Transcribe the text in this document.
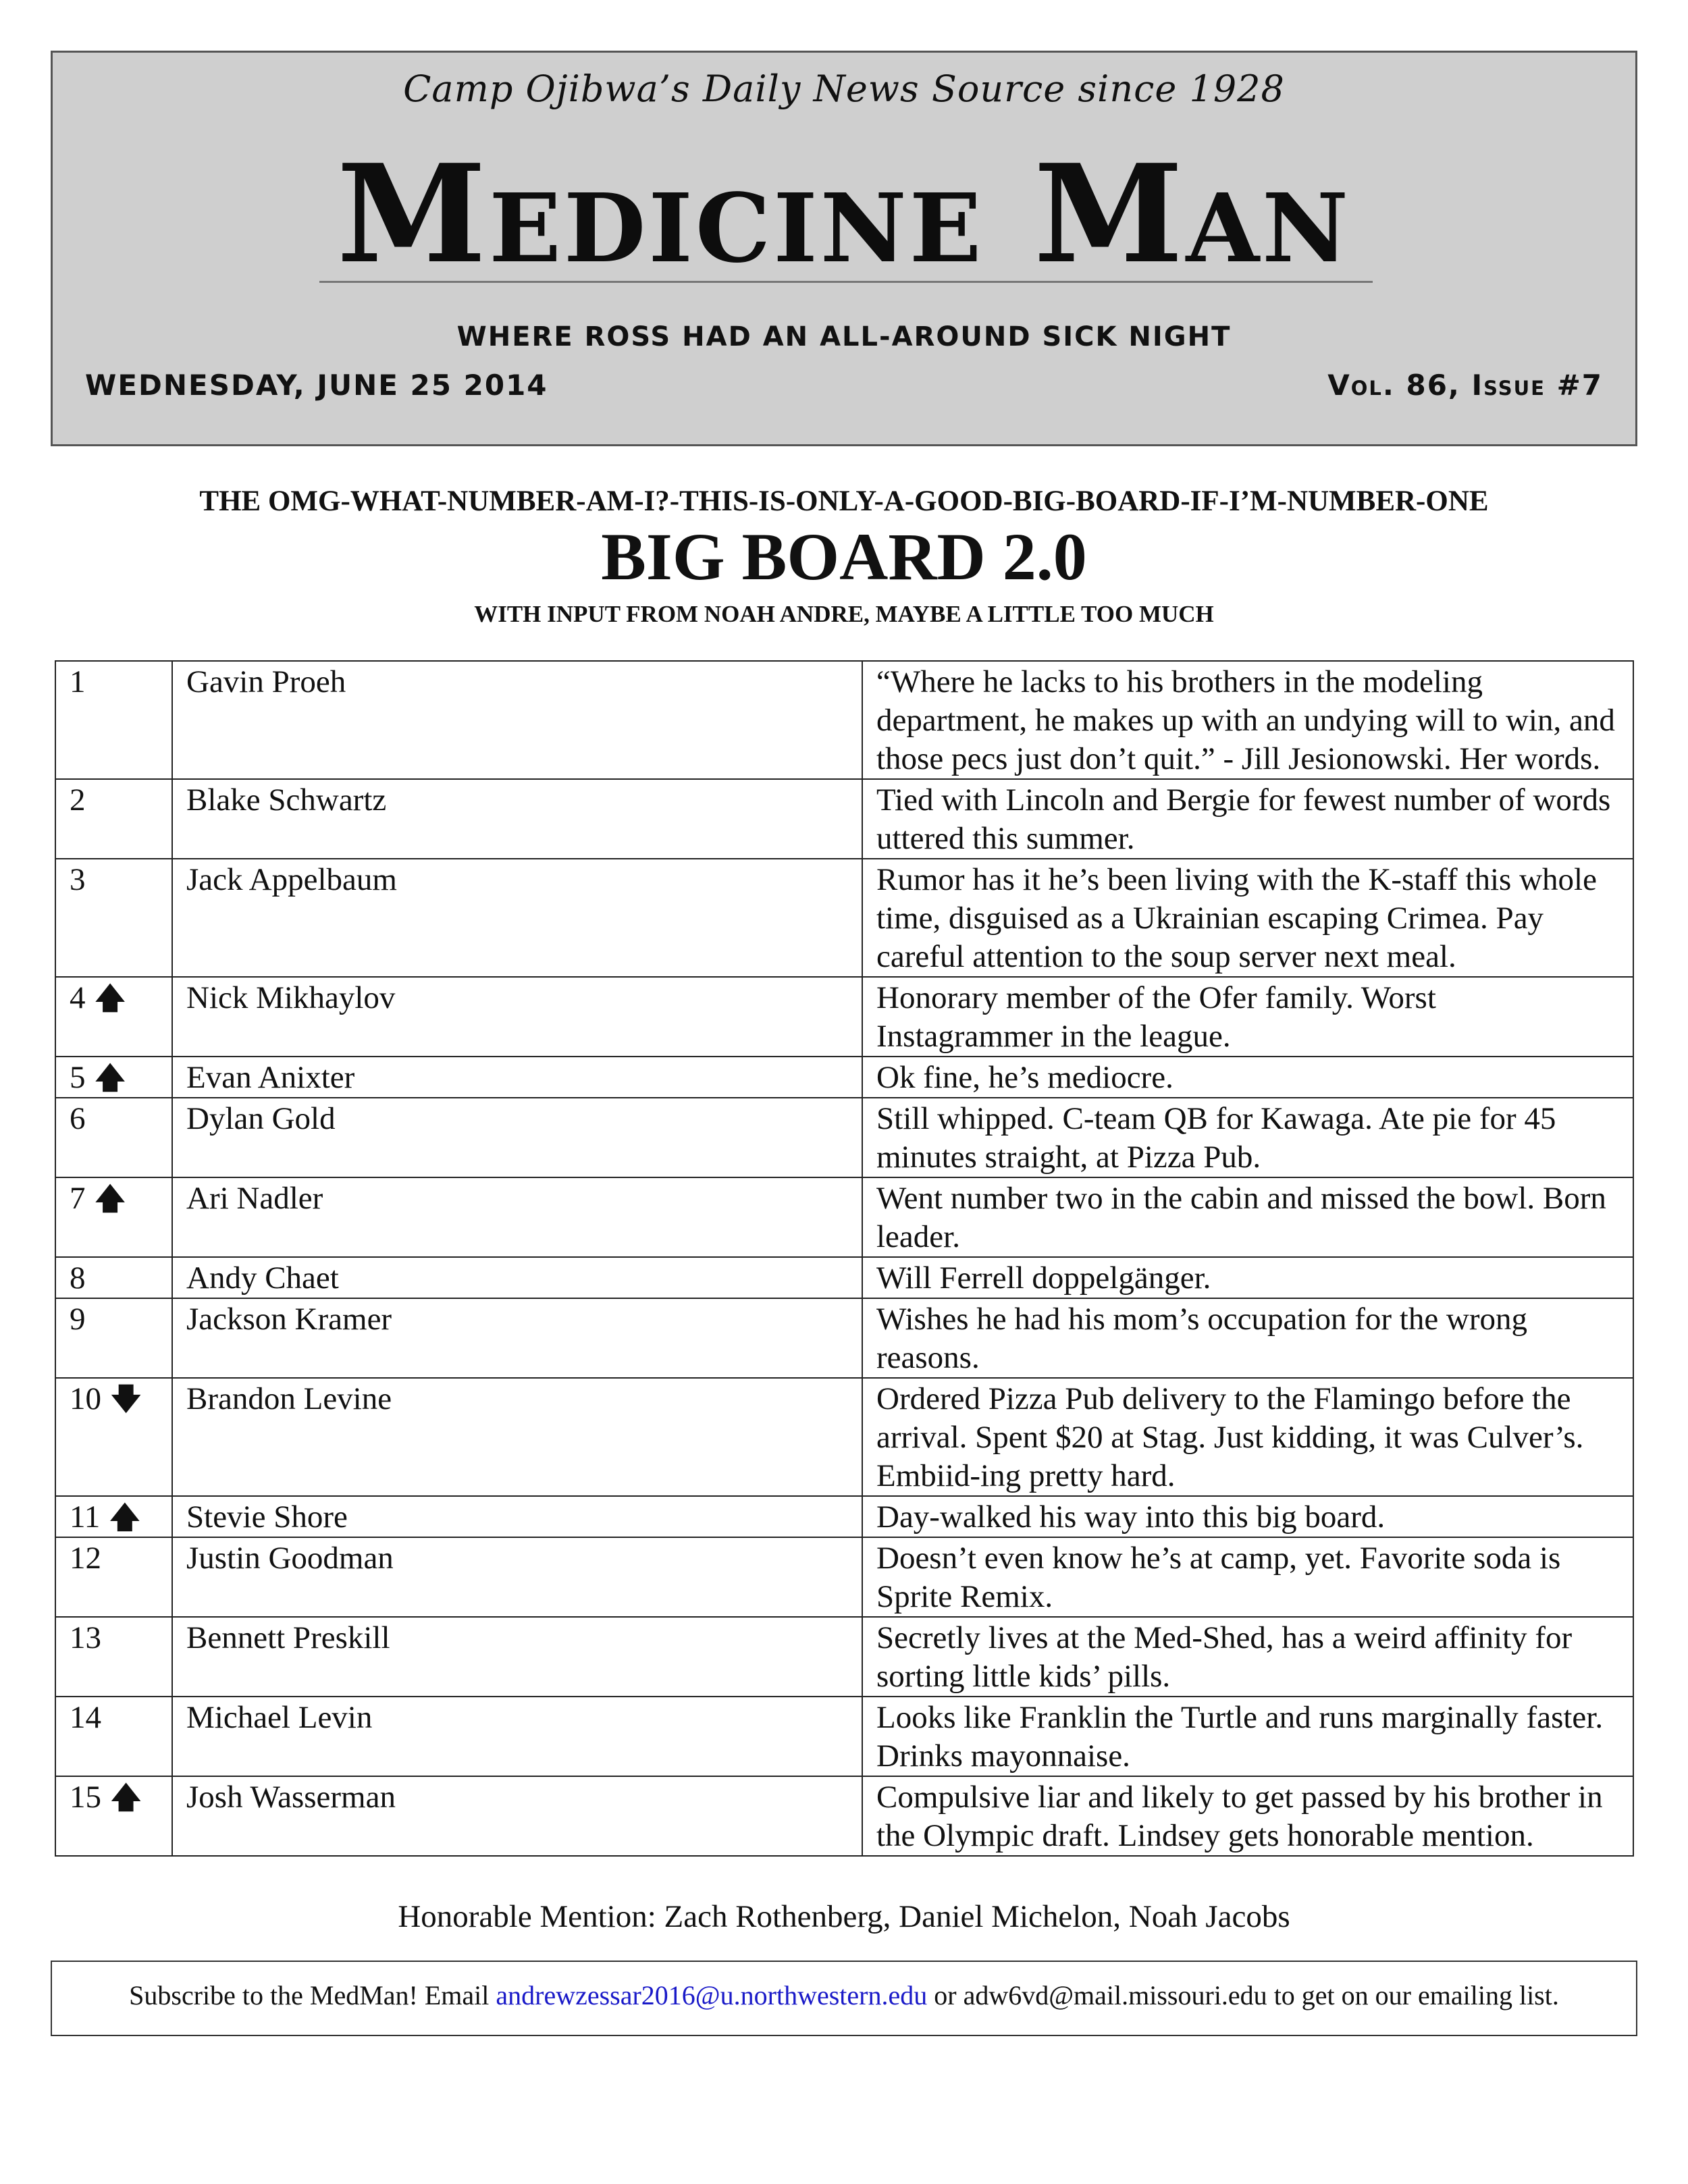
Camp Ojibwa’s Daily News Source since 1928
Medicine Man
WHERE ROSS HAD AN ALL-AROUND SICK NIGHT
WEDNESDAY, JUNE 25 2014	Vol. 86, Issue #7
THE OMG-WHAT-NUMBER-AM-I?-THIS-IS-ONLY-A-GOOD-BIG-BOARD-IF-I’M-NUMBER-ONE
BIG BOARD 2.0
WITH INPUT FROM NOAH ANDRE, MAYBE A LITTLE TOO MUCH
1	Gavin Proeh	“Where he lacks to his brothers in the modeling department, he makes up with an undying will to win, and those pecs just don’t quit.” - Jill Jesionowski. Her words.
2	Blake Schwartz	Tied with Lincoln and Bergie for fewest number of words uttered this summer.
3	Jack Appelbaum	Rumor has it he’s been living with the K-staff this whole time, disguised as a Ukrainian escaping Crimea. Pay careful attention to the soup server next meal.
4 🡅	Nick Mikhaylov	Honorary member of the Ofer family. Worst Instagrammer in the league.
5 🡅	Evan Anixter	Ok fine, he’s mediocre.
6	Dylan Gold	Still whipped. C-team QB for Kawaga. Ate pie for 45 minutes straight, at Pizza Pub.
7 🡅	Ari Nadler	Went number two in the cabin and missed the bowl. Born leader.
8	Andy Chaet	Will Ferrell doppelgänger.
9	Jackson Kramer	Wishes he had his mom’s occupation for the wrong reasons.
10 🡇	Brandon Levine	Ordered Pizza Pub delivery to the Flamingo before the arrival. Spent $20 at Stag. Just kidding, it was Culver’s. Embiid-ing pretty hard.
11 🡅	Stevie Shore	Day-walked his way into this big board.
12	Justin Goodman	Doesn’t even know he’s at camp, yet. Favorite soda is Sprite Remix.
13	Bennett Preskill	Secretly lives at the Med-Shed, has a weird affinity for sorting little kids’ pills.
14	Michael Levin	Looks like Franklin the Turtle and runs marginally faster. Drinks mayonnaise.
15 🡅	Josh Wasserman	Compulsive liar and likely to get passed by his brother in the Olympic draft. Lindsey gets honorable mention.
Honorable Mention: Zach Rothenberg, Daniel Michelon, Noah Jacobs
Subscribe to the MedMan! Email andrewzessar2016@u.northwestern.edu or adw6vd@mail.missouri.edu to get on our emailing list.
